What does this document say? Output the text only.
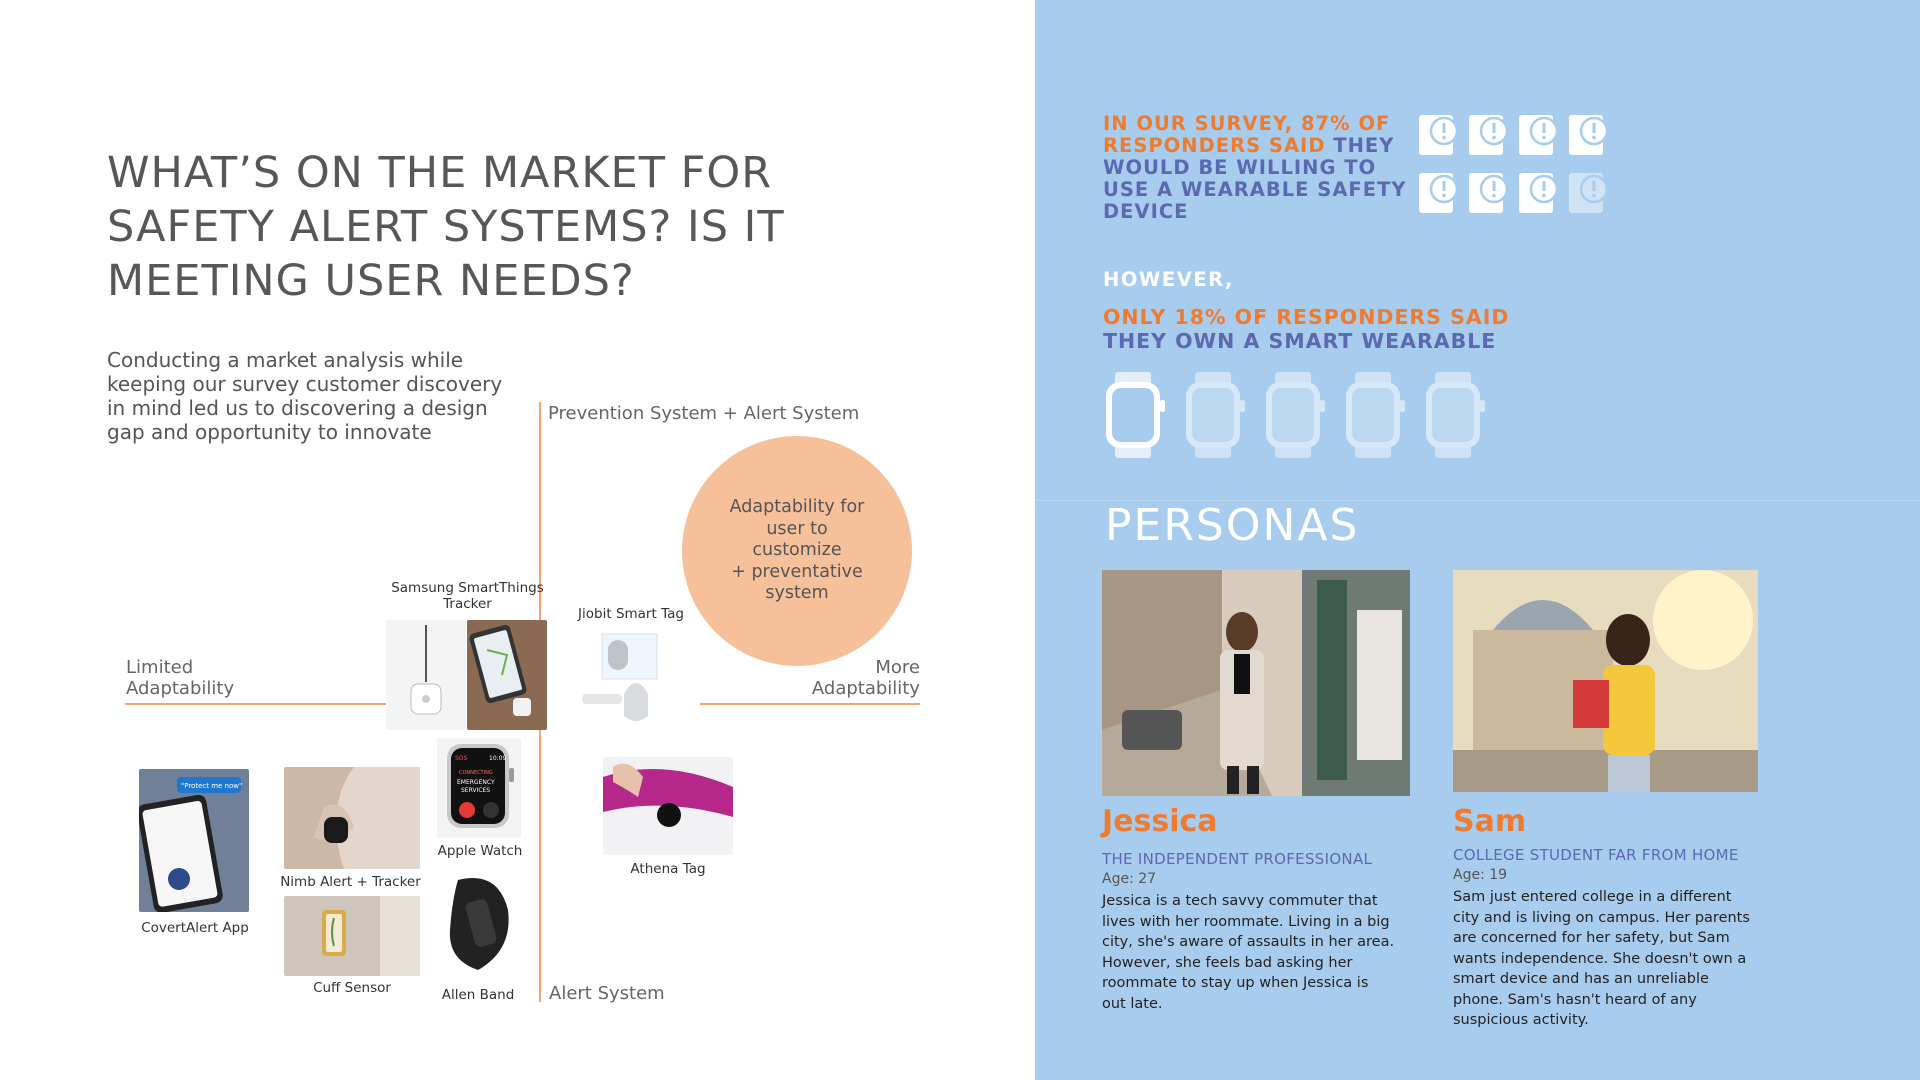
WHAT’S ON THE MARKET FOR
SAFETY ALERT SYSTEMS? IS IT
MEETING USER NEEDS?
Conducting a market analysis while
keeping our survey customer discovery
in mind led us to discovering a design
gap and opportunity to innovate
Prevention System + Alert System
Alert System
Limited
Adaptability
More
Adaptability
Adaptability for
user to
customize
+ preventative
system
Samsung SmartThings
Tracker
Jiobit Smart Tag
SOS	10:09
CONNECTING
EMERGENCY
SERVICES
Apple Watch
Athena Tag
"Protect me now"
CovertAlert App
Nimb Alert + Tracker
Cuff Sensor	Allen Band
IN OUR SURVEY, 87% OF
RESPONDERS SAID THEY
WOULD BE WILLING TO
USE A WEARABLE SAFETY
DEVICE
HOWEVER,
ONLY 18% OF RESPONDERS SAID
THEY OWN A SMART WEARABLE
PERSONAS
Jessica
THE INDEPENDENT PROFESSIONAL
Age: 27
Jessica is a tech savvy commuter that
lives with her roommate. Living in a big
city, she's aware of assaults in her area.
However, she feels bad asking her
roommate to stay up when Jessica is
out late.
Sam
COLLEGE STUDENT FAR FROM HOME
Age: 19
Sam just entered college in a different
city and is living on campus. Her parents
are concerned for her safety, but Sam
wants independence. She doesn't own a
smart device and has an unreliable
phone. Sam's hasn't heard of any
suspicious activity.
